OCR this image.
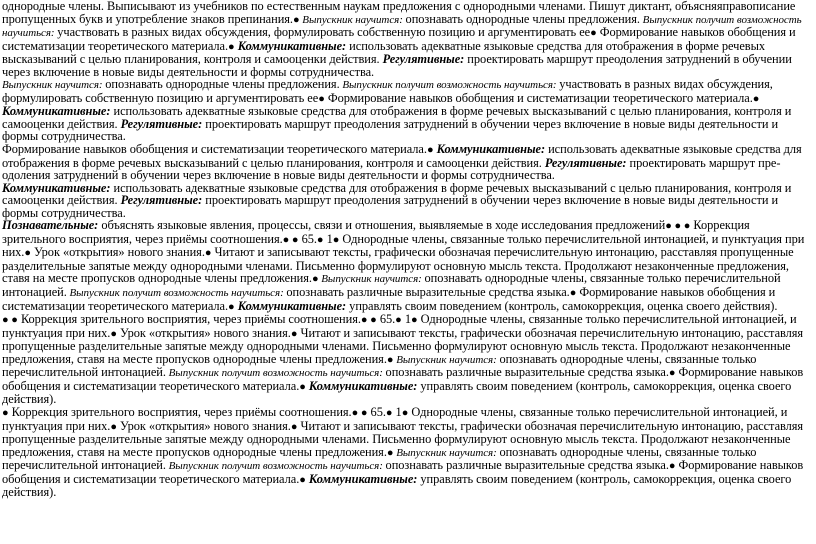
однородные члены. Выписывают из учебников по естественным наукам предложения с однородными членами. Пишут диктант, объясняяправописание пропущенных букв и употребление знаков препинания.● Выпускник научится: опознавать однородные члены предложения. Выпускник получит возможность научиться: участвовать в разных видах обсуждения, формулировать собственную позицию и аргументировать ее● Формирование навыков обобщения и систематизации теоретического материала.● Коммуникативные: использовать адекватные языковые средства для отображения в форме речевых высказываний с целью планирования, контроля и самооценки действия. Регулятивные: проектировать маршрут преодоления затруднений в обучении через включение в новые виды деятельности и формы сотрудничества.

Выпускник научится: опознавать однородные члены предложения. Выпускник получит возможность научиться: участвовать в разных видах обсуждения, формулировать собственную позицию и аргументировать ее● Формирование навыков обобщения и систематизации теоретического материала.● Коммуникативные: использовать адекватные языковые средства для отображения в форме речевых высказываний с целью планирования, контроля и самооценки действия. Регулятивные: проектировать маршрут преодоления затруднений в обучении через включение в новые виды деятельности и формы сотрудничества.

Формирование навыков обобщения и систематизации теоретического материала.● Коммуникативные: использовать адекватные языковые средства для отображения в форме речевых высказываний с целью планирования, контроля и самооценки действия. Регулятивные: проектировать маршрут пре-одоления затруднений в обучении через включение в новые виды деятельности и формы сотрудничества.

Коммуникативные: использовать адекватные языковые средства для отображения в форме речевых высказываний с целью планирования, контроля и самооценки действия. Регулятивные: проектировать маршрут преодоления затруднений в обучении через включение в новые виды деятельности и формы сотрудничества.

Познавательные: объяснять языковые явления, процессы, связи и отношения, выявляемые в ходе исследования предложений● ● ● Коррекция зрительного восприятия, через приёмы соотношения.● ● 65.● 1● Однородные члены, связанные только перечислительной интонацией, и пунктуация при них.● Урок «открытия» нового знания.● Читают и записывают тексты, графически обозначая перечислительную интонацию, расставляя пропущенные разделительные запятые между однородными членами. Письменно формулируют основную мысль текста. Продолжают незаконченные предложения, ставя на месте пропусков однородные члены предложения.● Выпускник научится: опознавать однородные члены, связанные только перечислительной интонацией. Выпускник получит возможность научиться: опознавать различные выразительные средства языка.● Формирование навыков обобщения и систематизации теоретического материала.● Коммуникативные: управлять своим поведением (контроль, самокоррекция, оценка своего действия).

● ● Коррекция зрительного восприятия, через приёмы соотношения.● ● 65.● 1● Однородные члены, связанные только перечислительной интонацией, и пунктуация при них.● Урок «открытия» нового знания.● Читают и записывают тексты, графически обозначая перечислительную интонацию, расставляя пропущенные разделительные запятые между однородными членами. Письменно формулируют основную мысль текста. Продолжают незаконченные предложения, ставя на месте пропусков однородные члены предложения.● Выпускник научится: опознавать однородные члены, связанные только перечислительной интонацией. Выпускник получит возможность научиться: опознавать различные выразительные средства языка.● Формирование навыков обобщения и систематизации теоретического материала.● Коммуникативные: управлять своим поведением (контроль, самокоррекция, оценка своего действия).

● Коррекция зрительного восприятия, через приёмы соотношения.● ● 65.● 1● Однородные члены, связанные только перечислительной интонацией, и пунктуация при них.● Урок «открытия» нового знания.● Читают и записывают тексты, графически обозначая перечислительную интонацию, расставляя пропущенные разделительные запятые между однородными членами. Письменно формулируют основную мысль текста. Продолжают незаконченные предложения, ставя на месте пропусков однородные члены предложения.● Выпускник научится: опознавать однородные члены, связанные только перечислительной интонацией. Выпускник получит возможность научиться: опознавать различные выразительные средства языка.● Формирование навыков обобщения и систематизации теоретического материала.● Коммуникативные: управлять своим поведением (контроль, самокоррекция, оценка своего действия).
